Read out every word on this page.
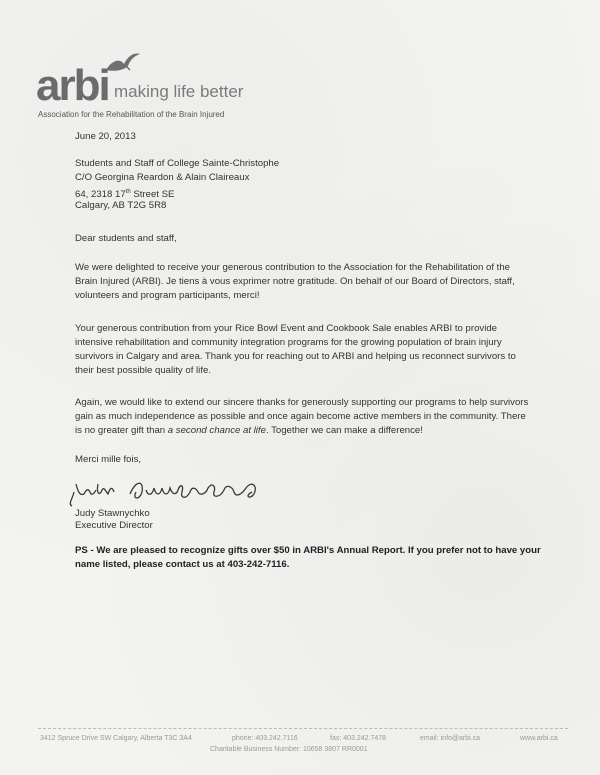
arbi making life better
Association for the Rehabilitation of the Brain Injured
June 20, 2013
Students and Staff of College Sainte-Christophe
C/O Georgina Reardon & Alain Claireaux
64, 2318 17th Street SE
Calgary, AB T2G 5R8
Dear students and staff,
We were delighted to receive your generous contribution to the Association for the Rehabilitation of the Brain Injured (ARBI). Je tiens à vous exprimer notre gratitude. On behalf of our Board of Directors, staff, volunteers and program participants, merci!
Your generous contribution from your Rice Bowl Event and Cookbook Sale enables ARBI to provide intensive rehabilitation and community integration programs for the growing population of brain injury survivors in Calgary and area. Thank you for reaching out to ARBI and helping us reconnect survivors to their best possible quality of life.
Again, we would like to extend our sincere thanks for generously supporting our programs to help survivors gain as much independence as possible and once again become active members in the community. There is no greater gift than a second chance at life. Together we can make a difference!
Merci mille fois,
Judy Stawnychko
Executive Director
PS - We are pleased to recognize gifts over $50 in ARBI's Annual Report. If you prefer not to have your name listed, please contact us at 403-242-7116.
3412 Spruce Drive SW Calgary, Alberta T3C 3A4	phone: 403.242.7116	fax: 403.242.7478	email: info@arbi.ca	www.arbi.ca
Charitable Business Number: 10658 3807 RR0001
